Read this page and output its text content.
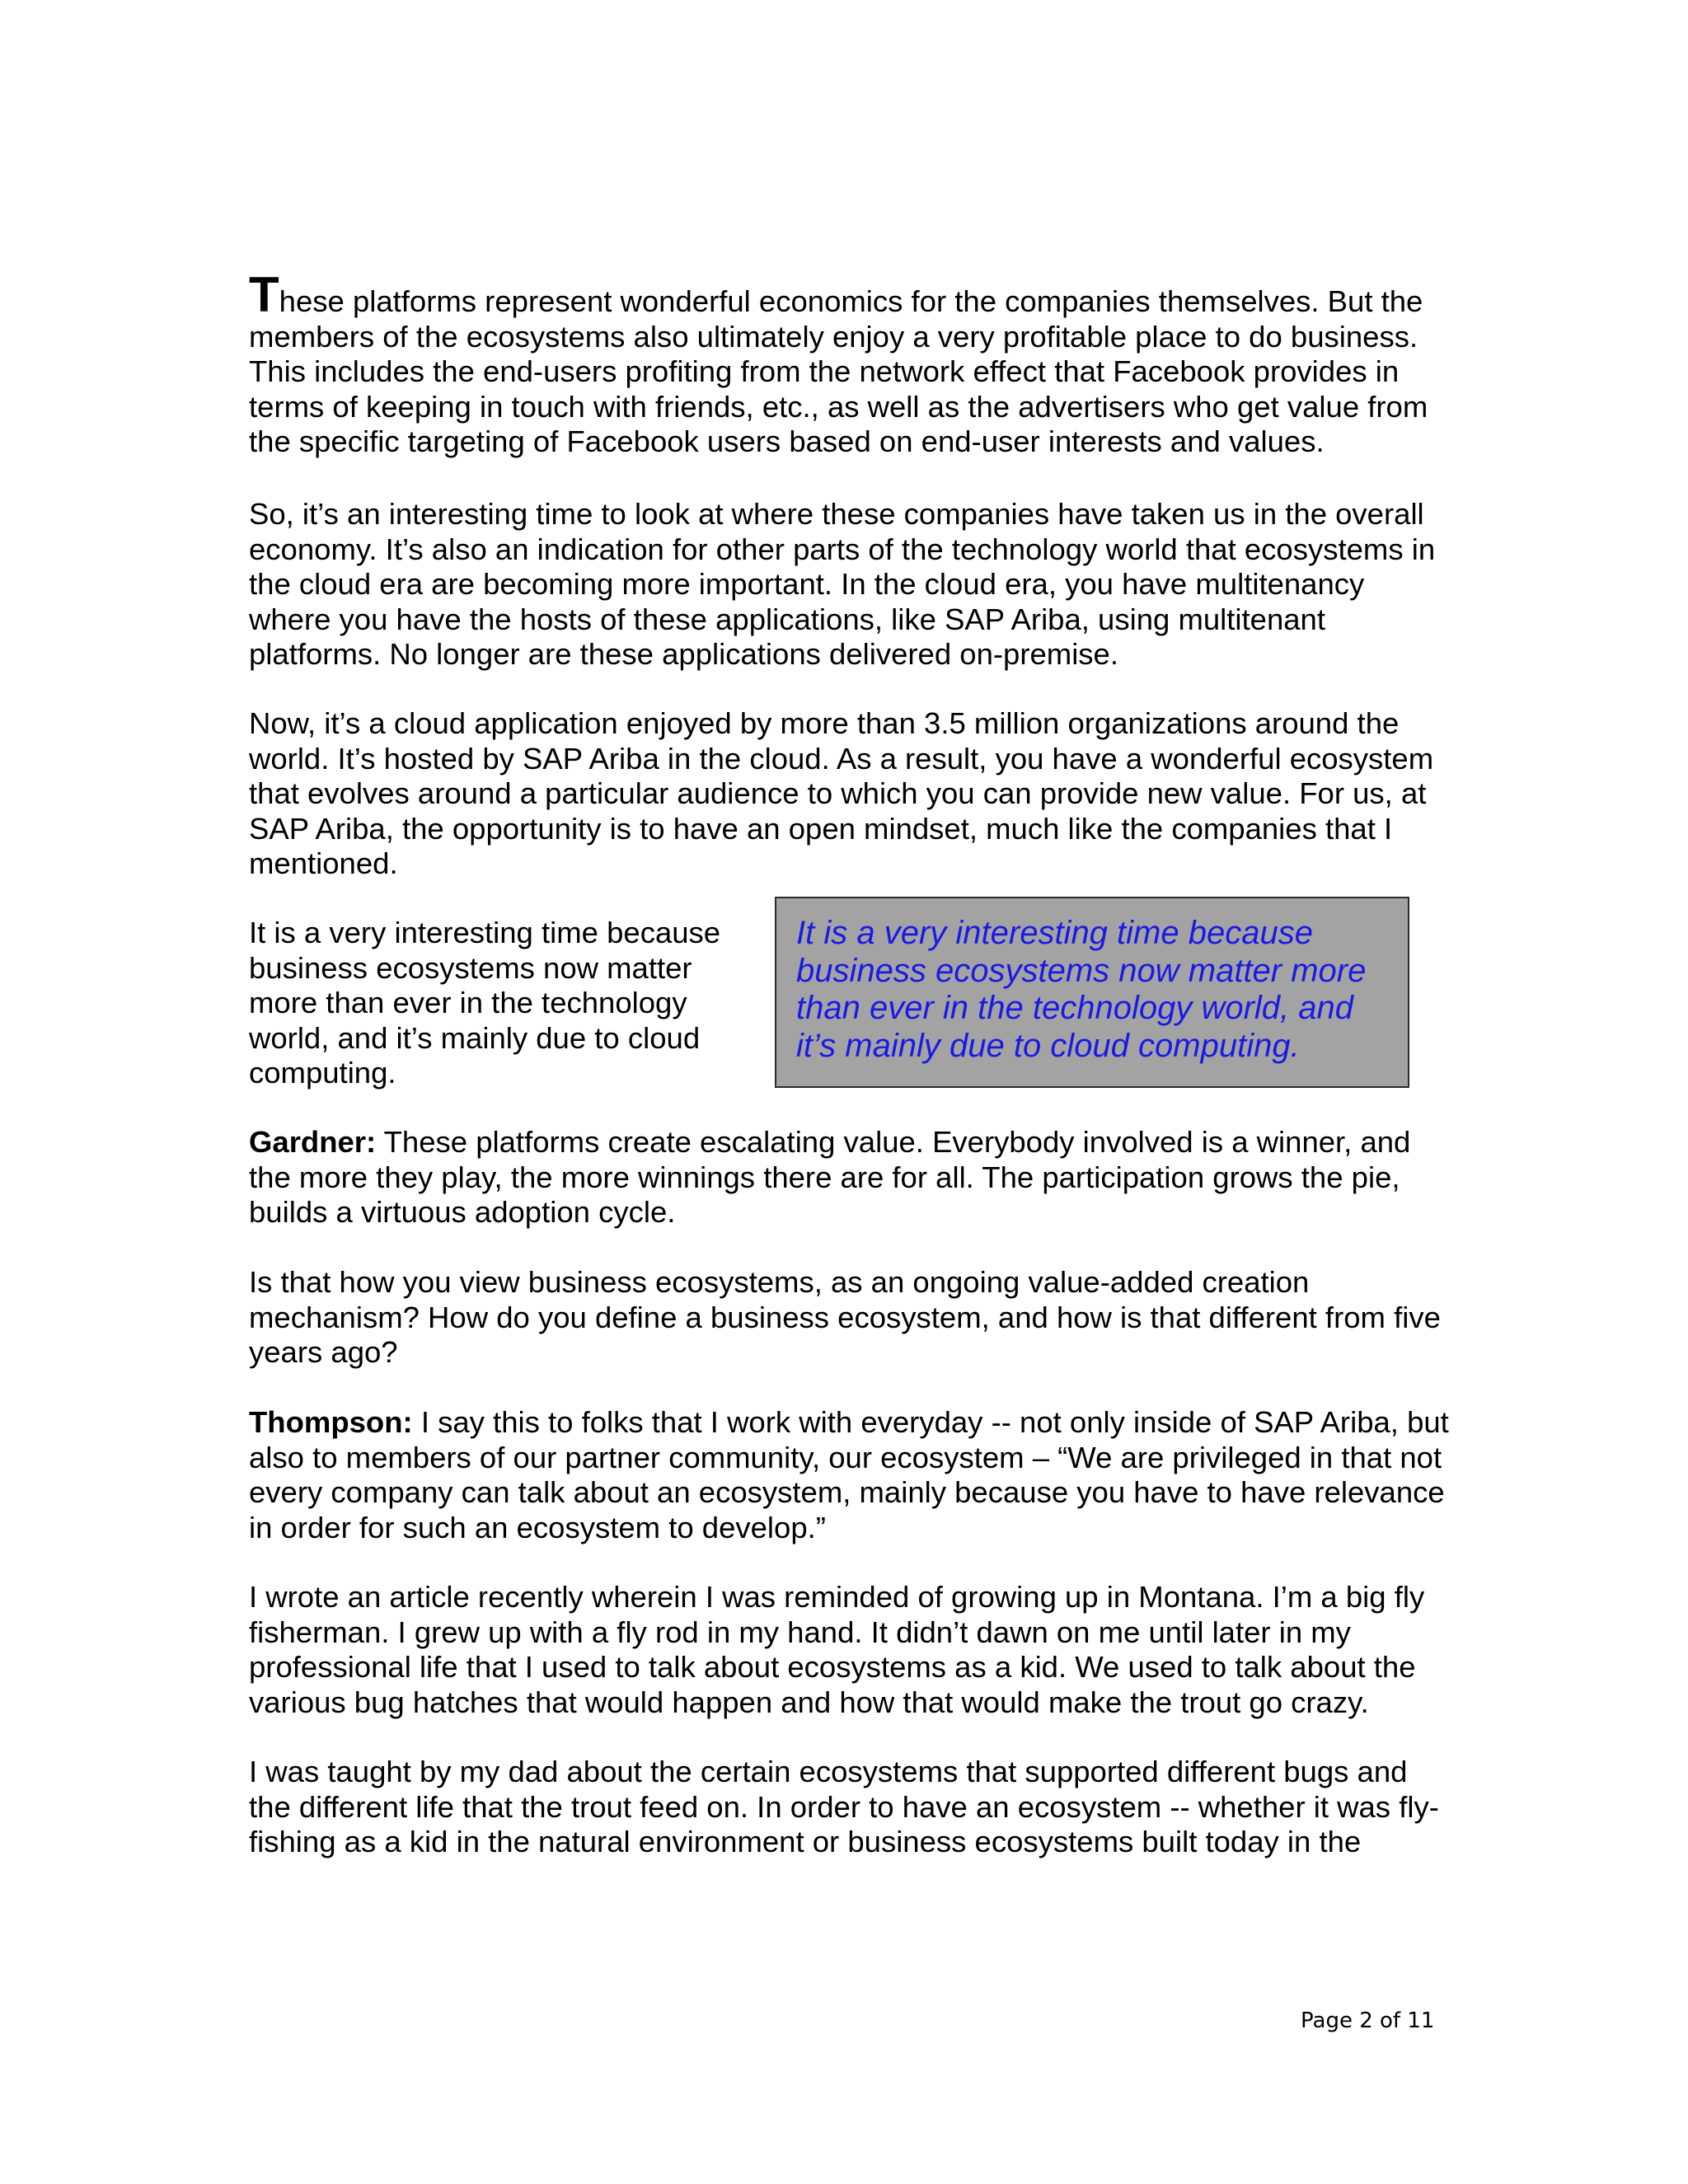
These platforms represent wonderful economics for the companies themselves. But the members of the ecosystems also ultimately enjoy a very profitable place to do business. This includes the end-users profiting from the network effect that Facebook provides in terms of keeping in touch with friends, etc., as well as the advertisers who get value from the specific targeting of Facebook users based on end-user interests and values.

So, it’s an interesting time to look at where these companies have taken us in the overall economy. It’s also an indication for other parts of the technology world that ecosystems in the cloud era are becoming more important. In the cloud era, you have multitenancy where you have the hosts of these applications, like SAP Ariba, using multitenant platforms. No longer are these applications delivered on-premise.

Now, it’s a cloud application enjoyed by more than 3.5 million organizations around the world. It’s hosted by SAP Ariba in the cloud. As a result, you have a wonderful ecosystem that evolves around a particular audience to which you can provide new value. For us, at SAP Ariba, the opportunity is to have an open mindset, much like the companies that I mentioned.

It is a very interesting time because business ecosystems now matter more than ever in the technology world, and it’s mainly due to cloud computing.

It is a very interesting time because business ecosystems now matter more than ever in the technology world, and it’s mainly due to cloud computing.

Gardner: These platforms create escalating value. Everybody involved is a winner, and the more they play, the more winnings there are for all. The participation grows the pie, builds a virtuous adoption cycle.

Is that how you view business ecosystems, as an ongoing value-added creation mechanism? How do you define a business ecosystem, and how is that different from five years ago?

Thompson: I say this to folks that I work with everyday -- not only inside of SAP Ariba, but also to members of our partner community, our ecosystem – “We are privileged in that not every company can talk about an ecosystem, mainly because you have to have relevance in order for such an ecosystem to develop.”

I wrote an article recently wherein I was reminded of growing up in Montana. I’m a big fly fisherman. I grew up with a fly rod in my hand. It didn’t dawn on me until later in my professional life that I used to talk about ecosystems as a kid. We used to talk about the various bug hatches that would happen and how that would make the trout go crazy.

I was taught by my dad about the certain ecosystems that supported different bugs and the different life that the trout feed on. In order to have an ecosystem -- whether it was fly-fishing as a kid in the natural environment or business ecosystems built today in the

Page 2 of 11
